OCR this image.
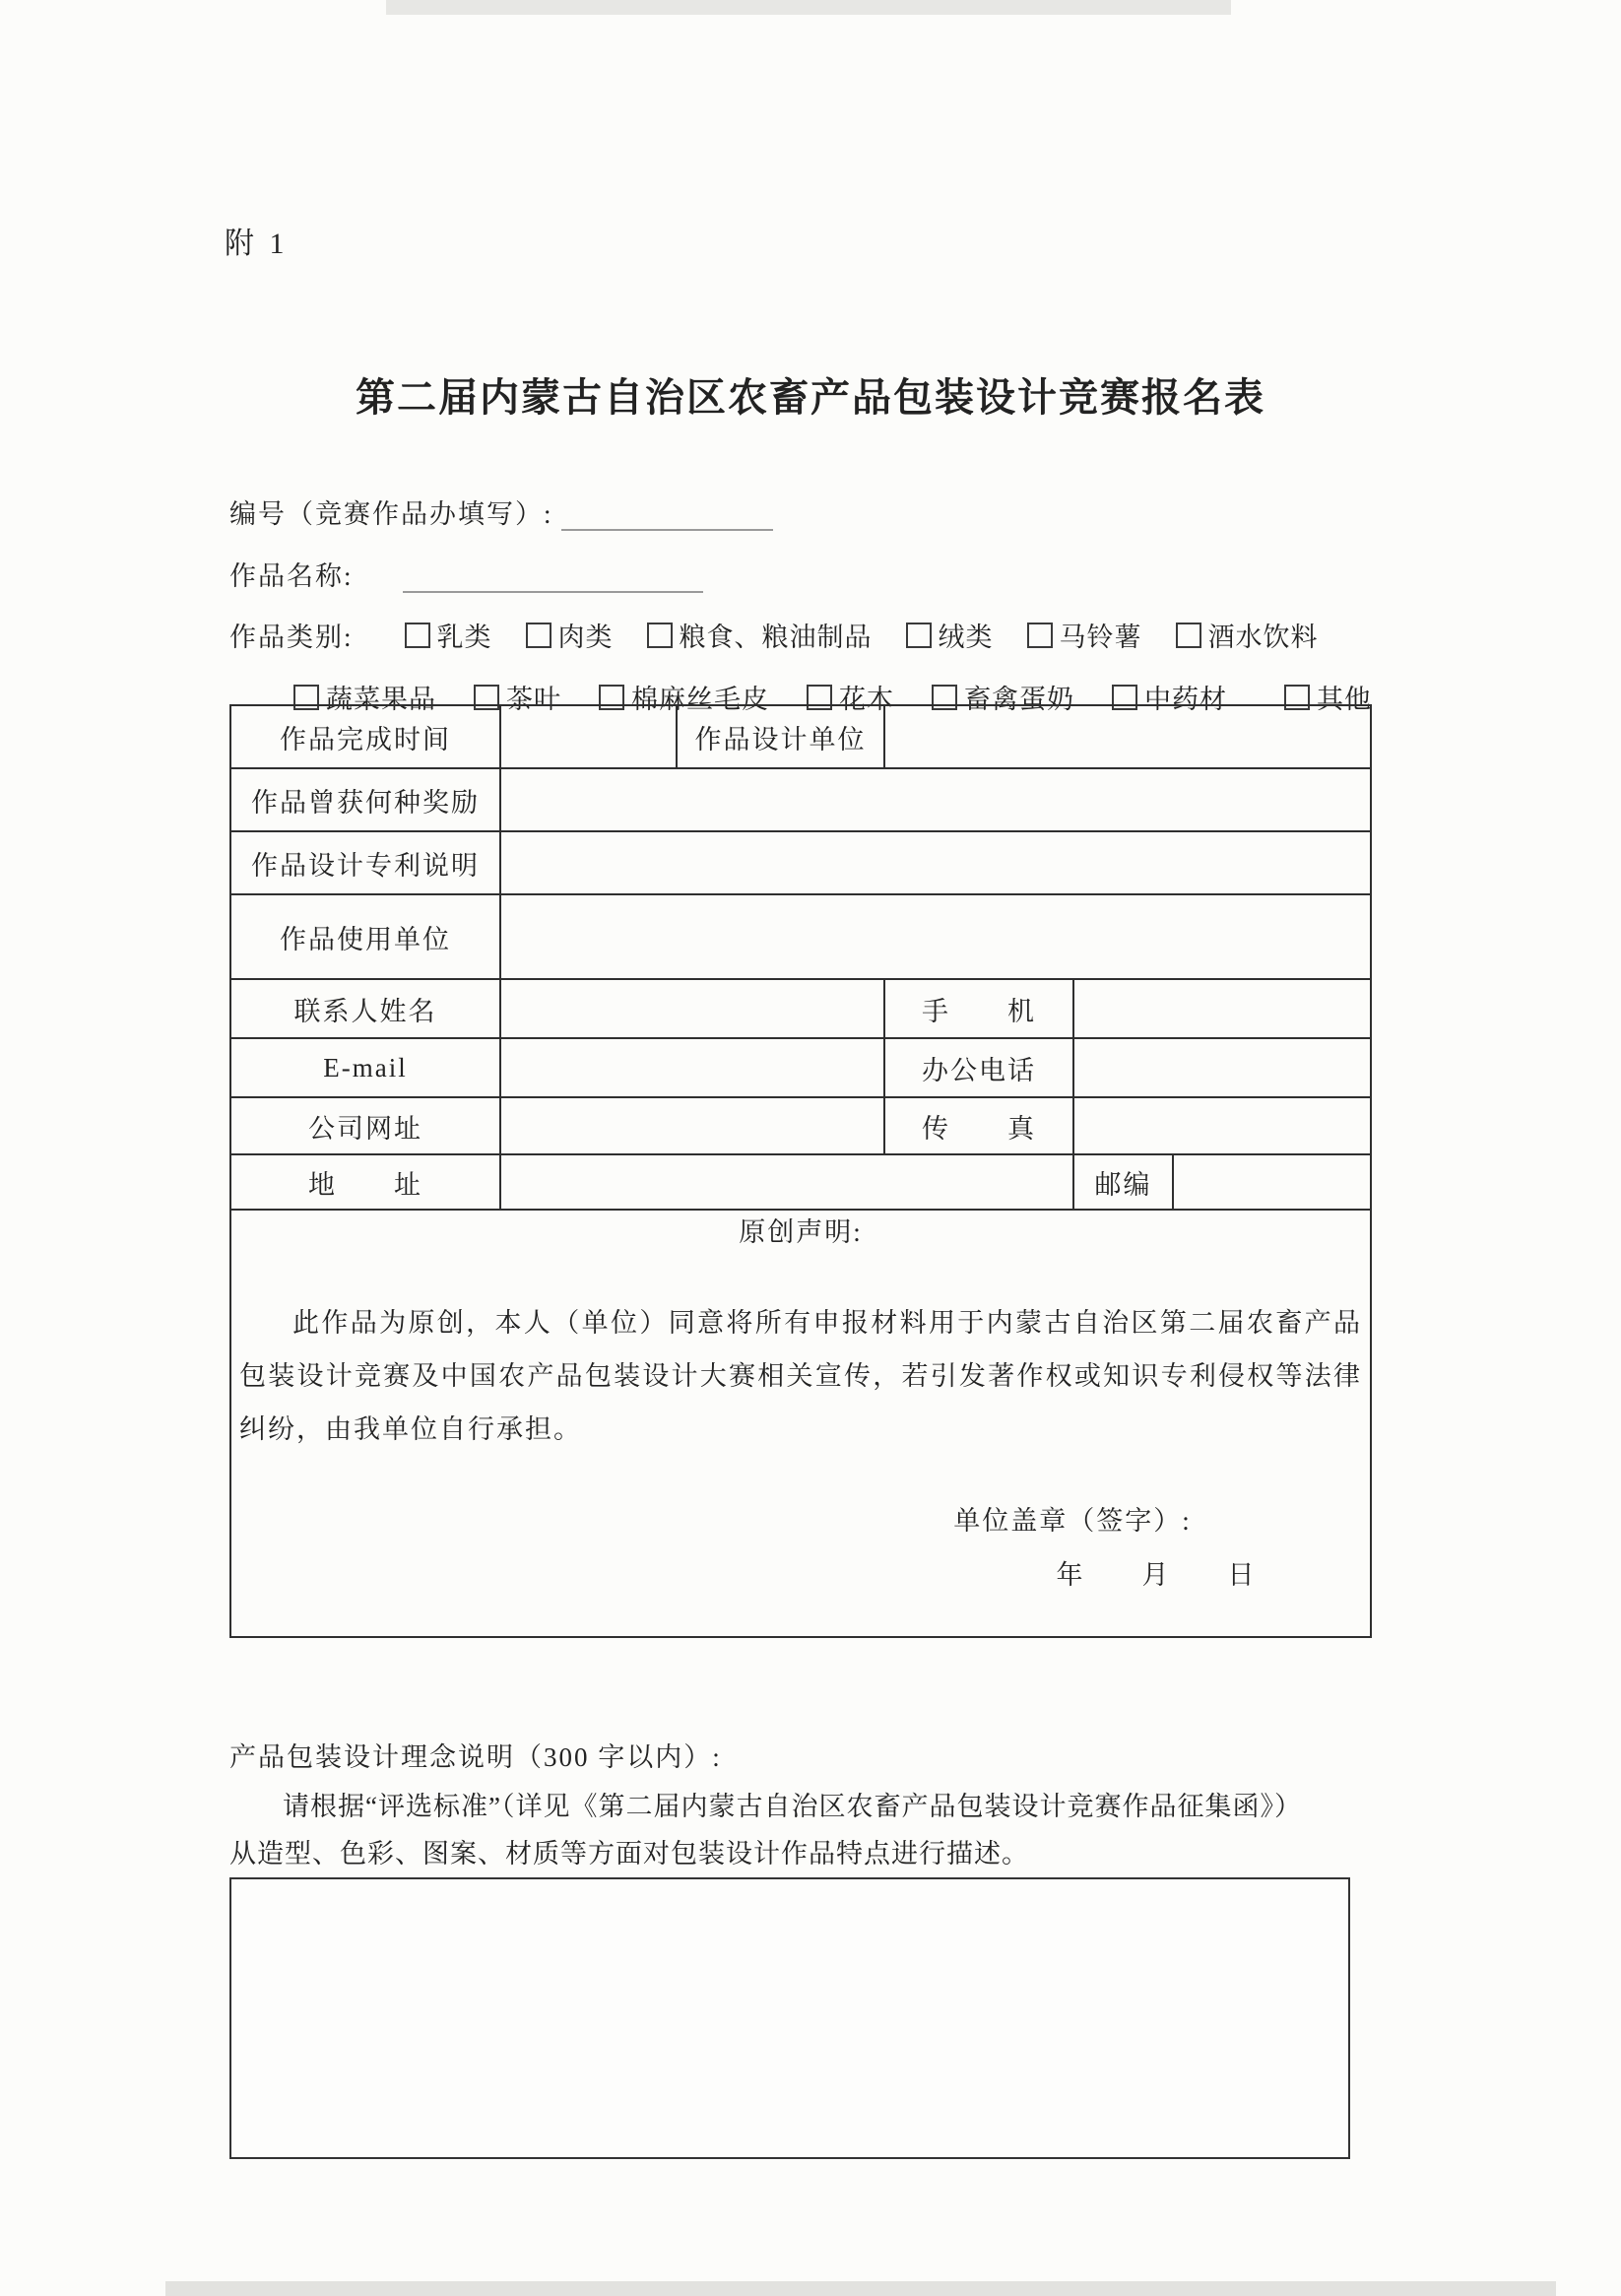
附 1
第二届内蒙古自治区农畜产品包装设计竞赛报名表
编号（竞赛作品办填写）:
作品名称:
作品类别:	乳类 肉类 粮食、粮油制品 绒类 马铃薯 酒水饮料
蔬菜果品	茶叶	棉麻丝毛皮	花木	畜禽蛋奶	中药材	其他
作品完成时间		作品设计单位			
作品曾获何种奖励					
作品设计专利说明					
作品使用单位					
联系人姓名			手　　机		
E-mail			办公电话		
公司网址			传　　真		
地　　址				邮编	

原创声明:
此作品为原创，本人（单位）同意将所有申报材料用于内蒙古自治区第二届农畜产品包装设计竞赛及中国农产品包装设计大赛相关宣传，若引发著作权或知识专利侵权等法律纠纷，由我单位自行承担。
单位盖章（签字）:
年　　月　　日					
产品包装设计理念说明（300 字以内）:
请根据“评选标准”（详见《第二届内蒙古自治区农畜产品包装设计竞赛作品征集函》）
从造型、色彩、图案、材质等方面对包装设计作品特点进行描述。
